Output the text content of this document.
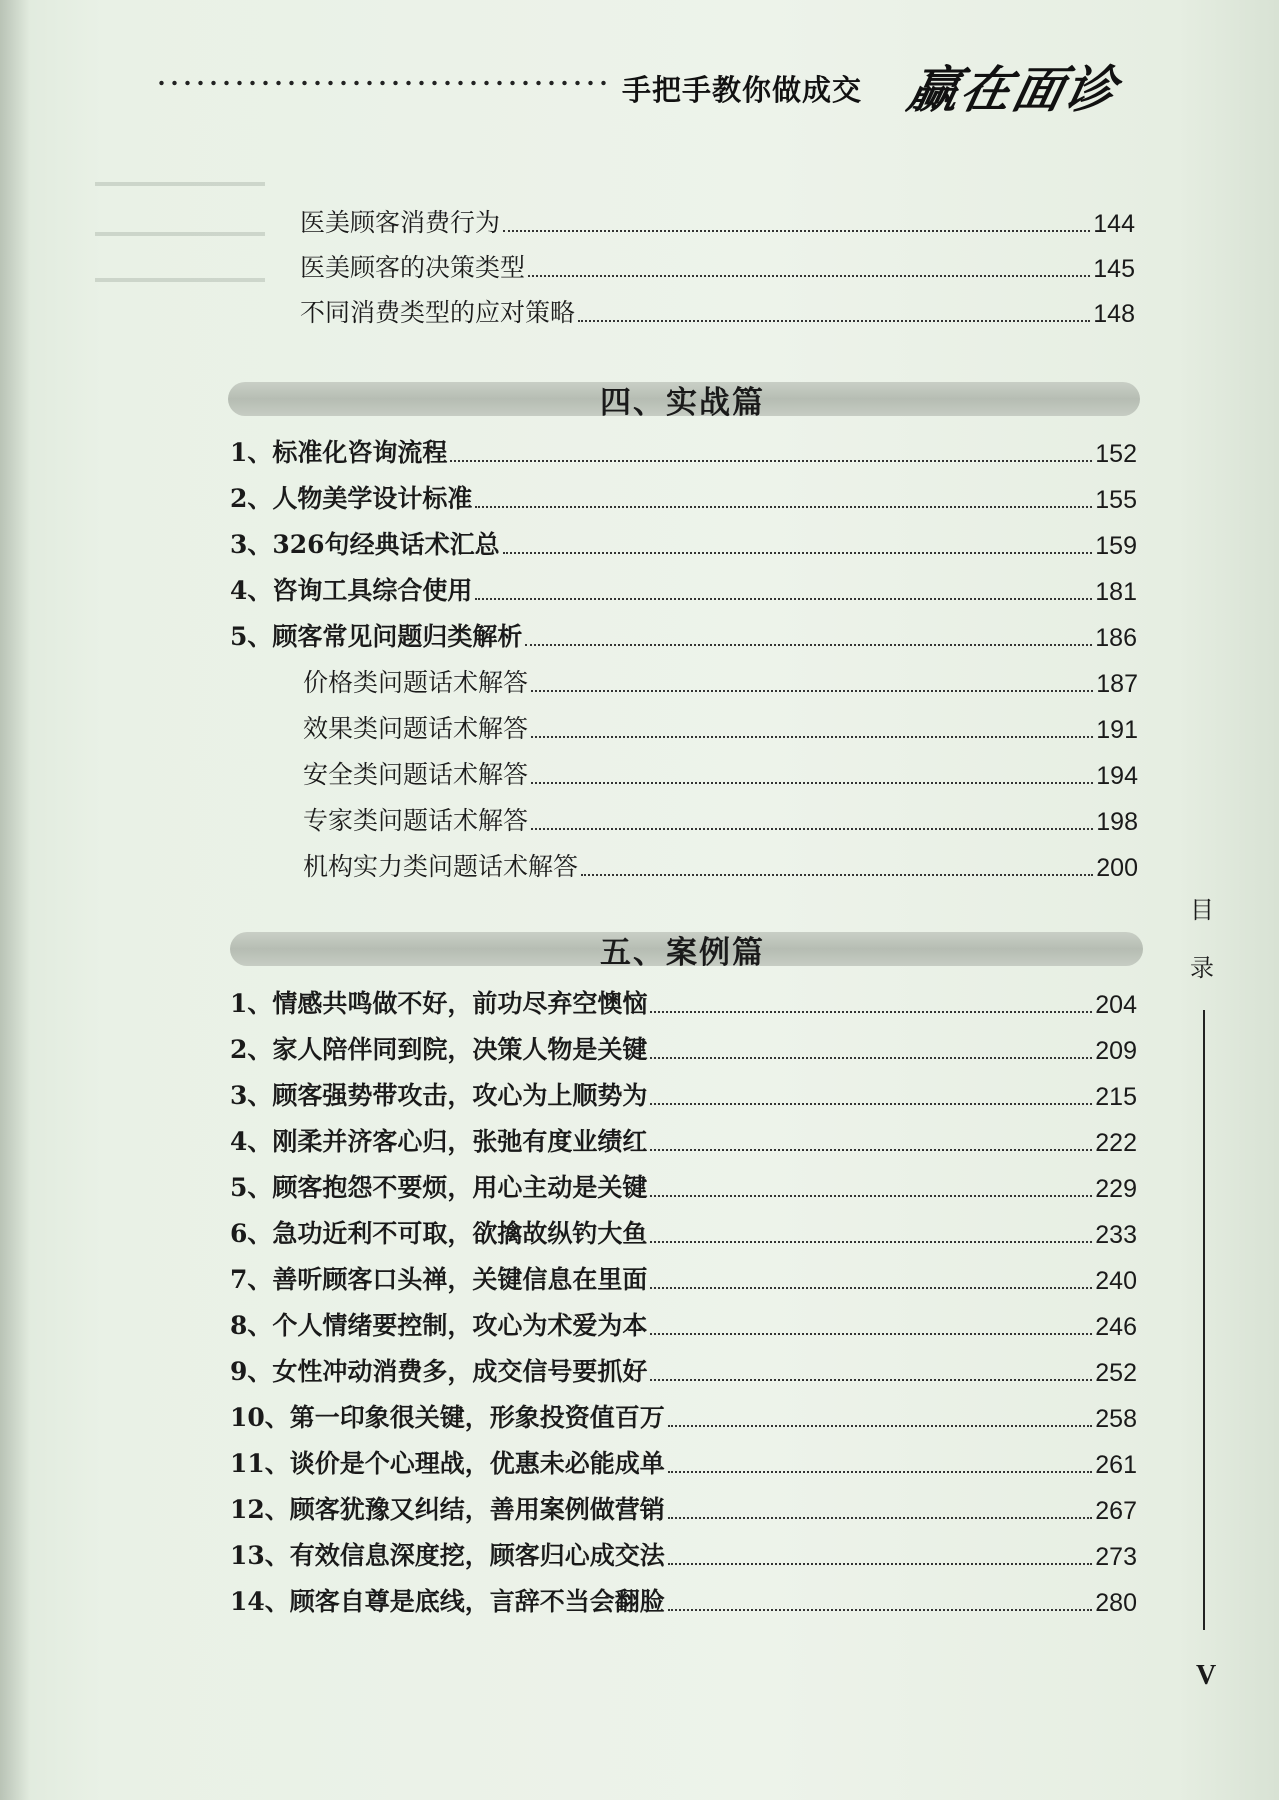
手把手教你做成交 赢在面诊
医美顾客消费行为	144
医美顾客的决策类型	145
不同消费类型的应对策略	148
四、实战篇
1、标准化咨询流程	152
2、人物美学设计标准	155
3、326句经典话术汇总	159
4、咨询工具综合使用	181
5、顾客常见问题归类解析	186
价格类问题话术解答	187
效果类问题话术解答	191
安全类问题话术解答	194
专家类问题话术解答	198
机构实力类问题话术解答	200
五、案例篇
1、情感共鸣做不好，前功尽弃空懊恼	204
2、家人陪伴同到院，决策人物是关键	209
3、顾客强势带攻击，攻心为上顺势为	215
4、刚柔并济客心归，张弛有度业绩红	222
5、顾客抱怨不要烦，用心主动是关键	229
6、急功近利不可取，欲擒故纵钓大鱼	233
7、善听顾客口头禅，关键信息在里面	240
8、个人情绪要控制，攻心为术爱为本	246
9、女性冲动消费多，成交信号要抓好	252
10、第一印象很关键，形象投资值百万	258
11、谈价是个心理战，优惠未必能成单	261
12、顾客犹豫又纠结，善用案例做营销	267
13、有效信息深度挖，顾客归心成交法	273
14、顾客自尊是底线，言辞不当会翻脸	280
目
录
V
